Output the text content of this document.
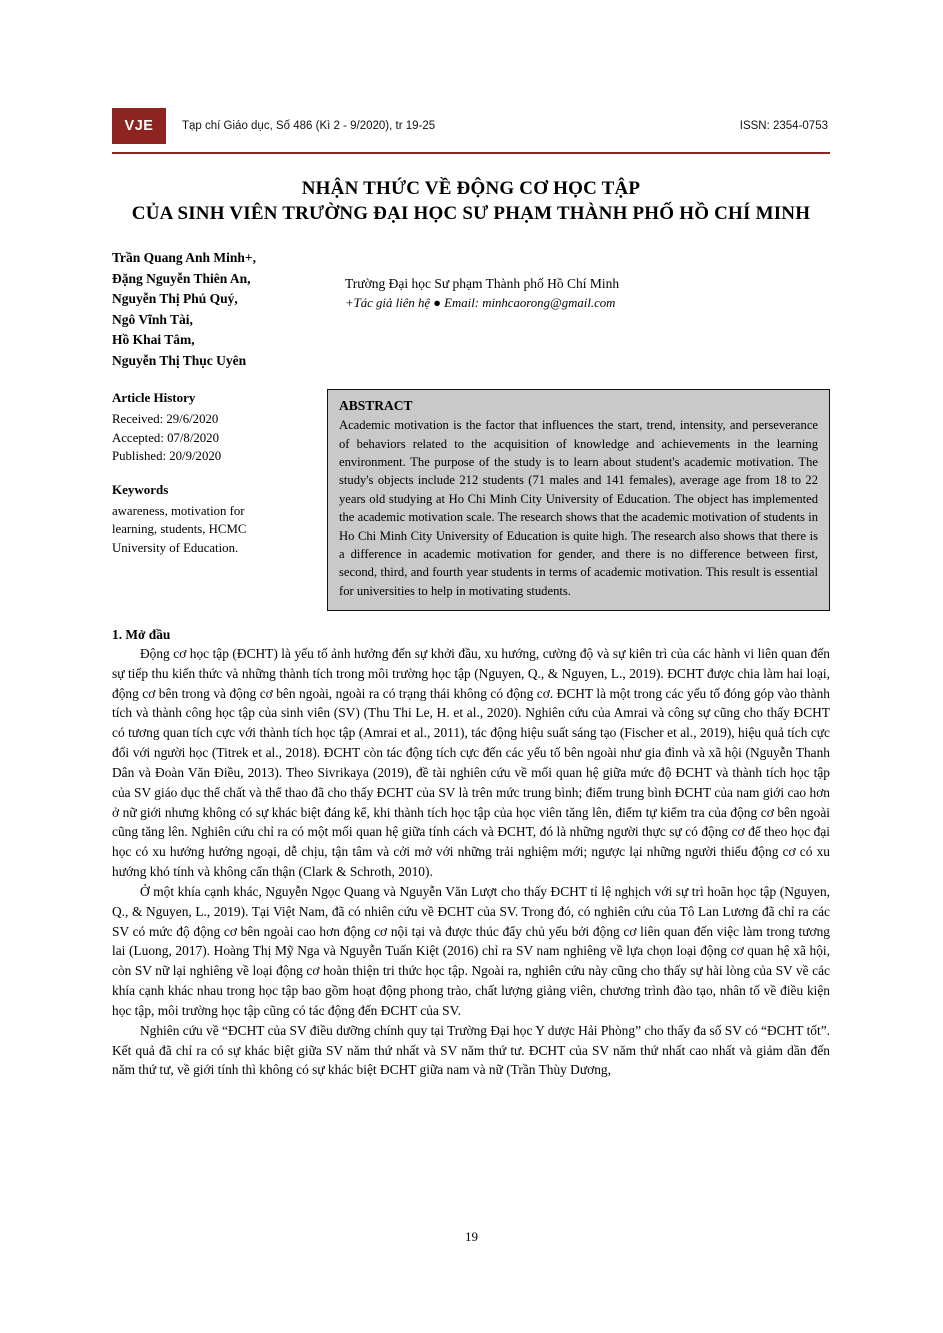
VJE	Tạp chí Giáo dục, Số 486 (Kì 2 - 9/2020), tr 19-25	ISSN: 2354-0753
NHẬN THỨC VỀ ĐỘNG CƠ HỌC TẬP
CỦA SINH VIÊN TRƯỜNG ĐẠI HỌC SƯ PHẠM THÀNH PHỐ HỒ CHÍ MINH
Trần Quang Anh Minh+,
Đặng Nguyễn Thiên An,
Nguyễn Thị Phú Quý,
Ngô Vĩnh Tài,
Hồ Khai Tâm,
Nguyễn Thị Thục Uyên
Trường Đại học Sư phạm Thành phố Hồ Chí Minh
+Tác giả liên hệ ● Email: minhcaorong@gmail.com
Article History
Received: 29/6/2020
Accepted: 07/8/2020
Published: 20/9/2020
Keywords
awareness, motivation for
learning, students, HCMC
University of Education.
ABSTRACT
Academic motivation is the factor that influences the start, trend, intensity, and perseverance of behaviors related to the acquisition of knowledge and achievements in the learning environment. The purpose of the study is to learn about student's academic motivation. The study's objects include 212 students (71 males and 141 females), average age from 18 to 22 years old studying at Ho Chi Minh City University of Education. The object has implemented the academic motivation scale. The research shows that the academic motivation of students in Ho Chi Minh City University of Education is quite high. The research also shows that there is a difference in academic motivation for gender, and there is no difference between first, second, third, and fourth year students in terms of academic motivation. This result is essential for universities to help in motivating students.
1. Mở đầu

Động cơ học tập (ĐCHT) là yếu tố ảnh hưởng đến sự khởi đầu, xu hướng, cường độ và sự kiên trì của các hành vi liên quan đến sự tiếp thu kiến thức và những thành tích trong môi trường học tập (Nguyen, Q., & Nguyen, L., 2019). ĐCHT được chia làm hai loại, động cơ bên trong và động cơ bên ngoài, ngoài ra có trạng thái không có động cơ. ĐCHT là một trong các yếu tố đóng góp vào thành tích và thành công học tập của sinh viên (SV) (Thu Thi Le, H. et al., 2020). Nghiên cứu của Amrai và công sự cũng cho thấy ĐCHT có tương quan tích cực với thành tích học tập (Amrai et al., 2011), tác động hiệu suất sáng tạo (Fischer et al., 2019), hiệu quả tích cực đối với người học (Titrek et al., 2018). ĐCHT còn tác động tích cực đến các yếu tố bên ngoài như gia đình và xã hội (Nguyễn Thanh Dân và Đoàn Văn Điều, 2013). Theo Sivrikaya (2019), đề tài nghiên cứu về mối quan hệ giữa mức độ ĐCHT và thành tích học tập của SV giáo dục thể chất và thể thao đã cho thấy ĐCHT của SV là trên mức trung bình; điểm trung bình ĐCHT của nam giới cao hơn ở nữ giới nhưng không có sự khác biệt đáng kể, khi thành tích học tập của học viên tăng lên, điểm tự kiểm tra của động cơ bên ngoài cũng tăng lên. Nghiên cứu chỉ ra có một mối quan hệ giữa tính cách và ĐCHT, đó là những người thực sự có động cơ để theo học đại học có xu hướng hướng ngoại, dễ chịu, tận tâm và cởi mở với những trải nghiệm mới; ngược lại những người thiếu động cơ có xu hướng khó tính và không cẩn thận (Clark & Schroth, 2010).

Ở một khía cạnh khác, Nguyễn Ngọc Quang và Nguyễn Văn Lượt cho thấy ĐCHT tỉ lệ nghịch với sự trì hoãn học tập (Nguyen, Q., & Nguyen, L., 2019). Tại Việt Nam, đã có nhiên cứu về ĐCHT của SV. Trong đó, có nghiên cứu của Tô Lan Lương đã chỉ ra các SV có mức độ động cơ bên ngoài cao hơn động cơ nội tại và được thúc đẩy chủ yếu bởi động cơ liên quan đến việc làm trong tương lai (Luong, 2017). Hoàng Thị Mỹ Nga và Nguyễn Tuấn Kiệt (2016) chỉ ra SV nam nghiêng về lựa chọn loại động cơ quan hệ xã hội, còn SV nữ lại nghiêng về loại động cơ hoàn thiện tri thức học tập. Ngoài ra, nghiên cứu này cũng cho thấy sự hài lòng của SV về các khía cạnh khác nhau trong học tập bao gồm hoạt động phong trào, chất lượng giảng viên, chương trình đào tạo, nhân tố về điều kiện học tập, môi trường học tập cũng có tác động đến ĐCHT của SV.

Nghiên cứu về “ĐCHT của SV điều dưỡng chính quy tại Trường Đại học Y dược Hải Phòng” cho thấy đa số SV có “ĐCHT tốt”. Kết quả đã chỉ ra có sự khác biệt giữa SV năm thứ nhất và SV năm thứ tư. ĐCHT của SV năm thứ nhất cao nhất và giảm dần đến năm thứ tư, về giới tính thì không có sự khác biệt ĐCHT giữa nam và nữ (Trần Thùy Dương,

19
